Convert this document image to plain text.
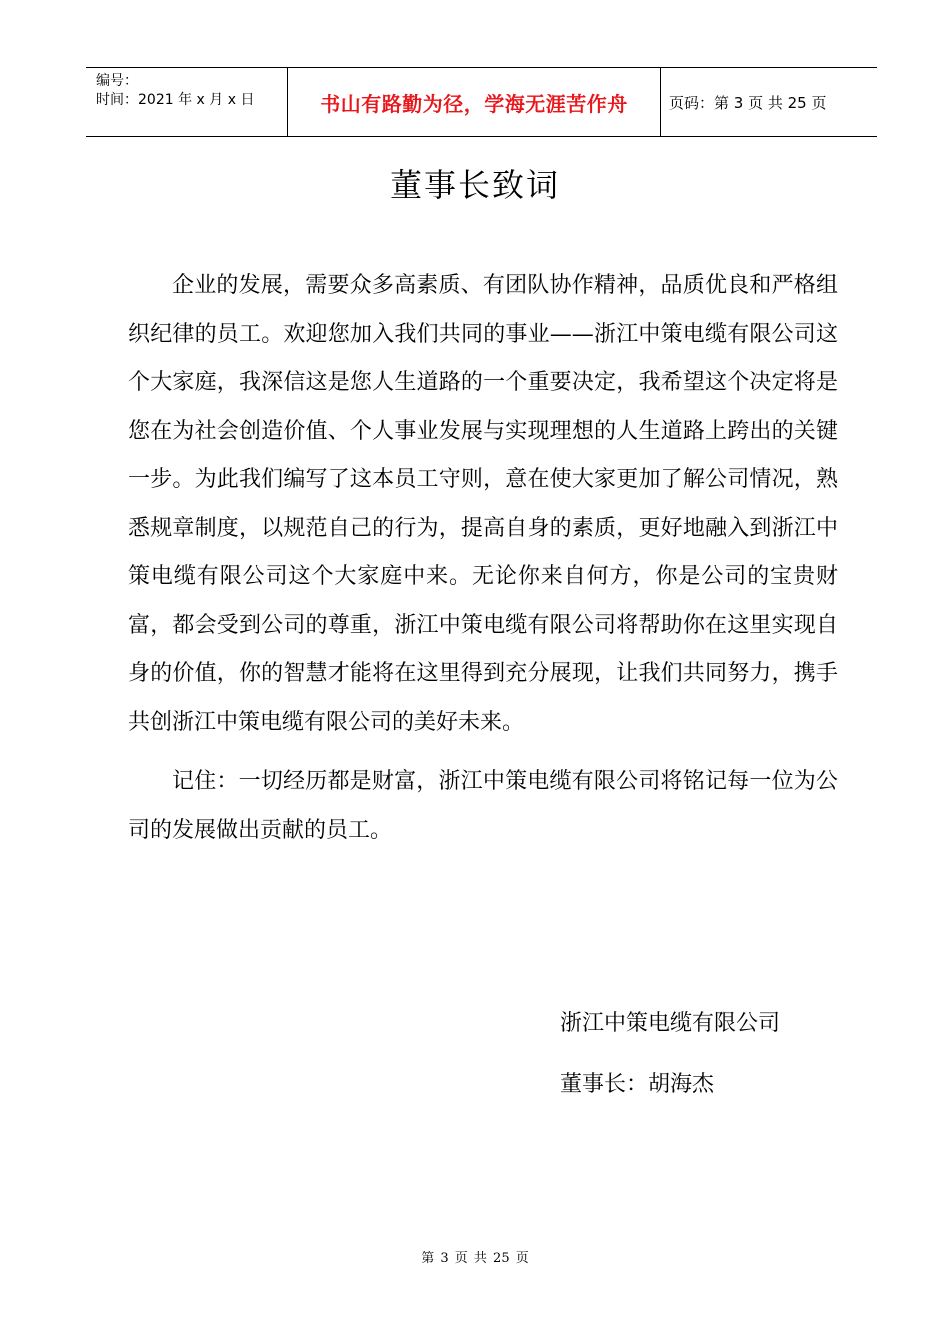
编号：
时间：2021 年 x 月 x 日	书山有路勤为径，学海无涯苦作舟	页码：第 3 页 共 25 页
董事长致词

企业的发展，需要众多高素质、有团队协作精神，品质优良和严格组织纪律的员工。欢迎您加入我们共同的事业——浙江中策电缆有限公司这个大家庭，我深信这是您人生道路的一个重要决定，我希望这个决定将是您在为社会创造价值、个人事业发展与实现理想的人生道路上跨出的关键一步。为此我们编写了这本员工守则，意在使大家更加了解公司情况，熟悉规章制度，以规范自己的行为，提高自身的素质，更好地融入到浙江中策电缆有限公司这个大家庭中来。无论你来自何方，你是公司的宝贵财富，都会受到公司的尊重，浙江中策电缆有限公司将帮助你在这里实现自身的价值，你的智慧才能将在这里得到充分展现，让我们共同努力，携手共创浙江中策电缆有限公司的美好未来。

记住：一切经历都是财富，浙江中策电缆有限公司将铭记每一位为公司的发展做出贡献的员工。

浙江中策电缆有限公司
董事长：胡海杰
第 3 页 共 25 页
